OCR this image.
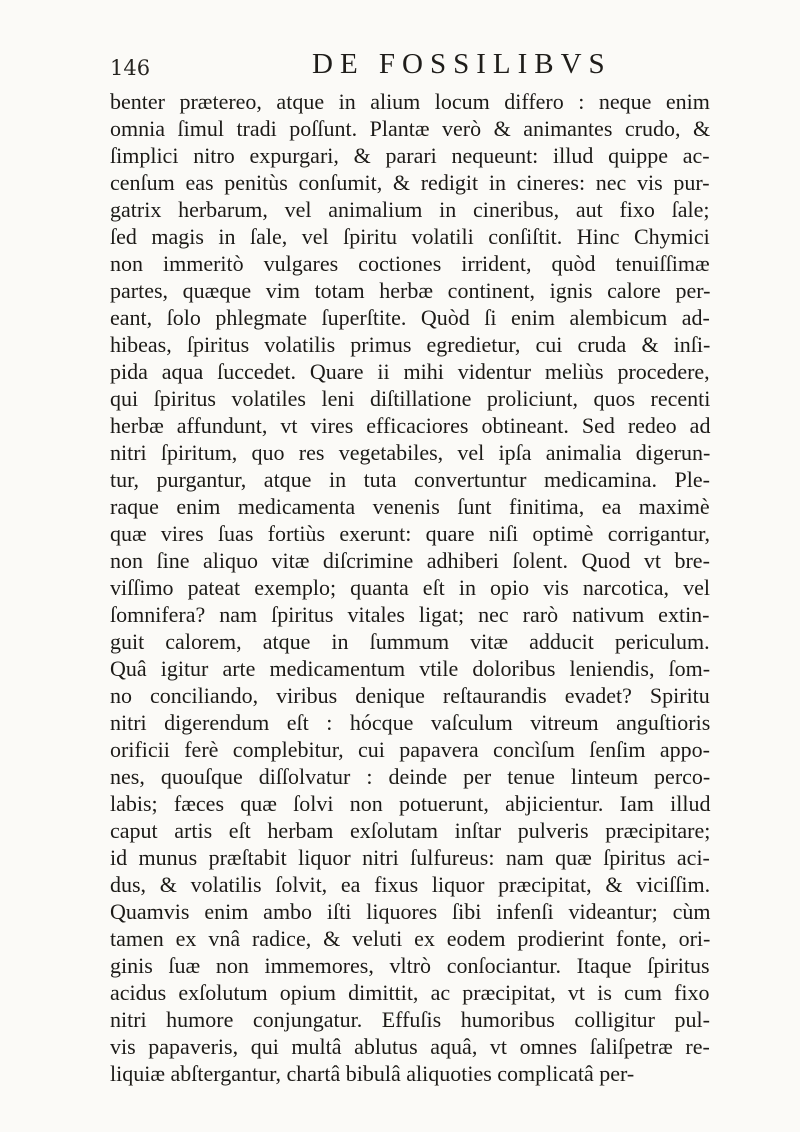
146	DE FOSSILIBVS
benter prӕtereo, atque in alium locum differo : neque enim
omnia ſimul tradi poſſunt. Plantӕ verò & animantes crudo, &
ſimplici nitro expurgari, & parari nequeunt: illud quippe ac-
cenſum eas penitùs conſumit, & redigit in cineres: nec vis pur-
gatrix herbarum, vel animalium in cineribus, aut fixo ſale;
ſed magis in ſale, vel ſpiritu volatili conſiſtit. Hinc Chymici
non immeritò vulgares coctiones irrident, quòd tenuiſſimӕ
partes, quӕque vim totam herbӕ continent, ignis calore per-
eant, ſolo phlegmate ſuperſtite. Quòd ſi enim alembicum ad-
hibeas, ſpiritus volatilis primus egredietur, cui cruda & inſi-
pida aqua ſuccedet. Quare ii mihi videntur meliùs procedere,
qui ſpiritus volatiles leni diſtillatione proliciunt, quos recenti
herbӕ affundunt, vt vires efficaciores obtineant. Sed redeo ad
nitri ſpiritum, quo res vegetabiles, vel ipſa animalia digerun-
tur, purgantur, atque in tuta convertuntur medicamina. Ple-
raque enim medicamenta venenis ſunt finitima, ea maximè
quӕ vires ſuas fortiùs exerunt: quare niſi optimè corrigantur,
non ſine aliquo vitӕ diſcrimine adhiberi ſolent. Quod vt bre-
viſſimo pateat exemplo; quanta eſt in opio vis narcotica, vel
ſomnifera? nam ſpiritus vitales ligat; nec rarò nativum extin-
guit calorem, atque in ſummum vitӕ adducit periculum.
Quâ igitur arte medicamentum vtile doloribus leniendis, ſom-
no conciliando, viribus denique reſtaurandis evadet? Spiritu
nitri digerendum eſt : hócque vaſculum vitreum anguſtioris
orificii ferè complebitur, cui papavera concìſum ſenſim appo-
nes, quouſque diſſolvatur : deinde per tenue linteum perco-
labis; fӕces quӕ ſolvi non potuerunt, abjicientur. Iam illud
caput artis eſt herbam exſolutam inſtar pulveris prӕcipitare;
id munus prӕſtabit liquor nitri ſulfureus: nam quӕ ſpiritus aci-
dus, & volatilis ſolvit, ea fixus liquor prӕcipitat, & viciſſim.
Quamvis enim ambo iſti liquores ſibi infenſi videantur; cùm
tamen ex vnâ radice, & veluti ex eodem prodierint fonte, ori-
ginis ſuӕ non immemores, vltrò conſociantur. Itaque ſpiritus
acidus exſolutum opium dimittit, ac prӕcipitat, vt is cum fixo
nitri humore conjungatur. Effuſis humoribus colligitur pul-
vis papaveris, qui multâ ablutus aquâ, vt omnes ſaliſpetrӕ re-
liquiӕ abſtergantur, chartâ bibulâ aliquoties complicatâ per-
